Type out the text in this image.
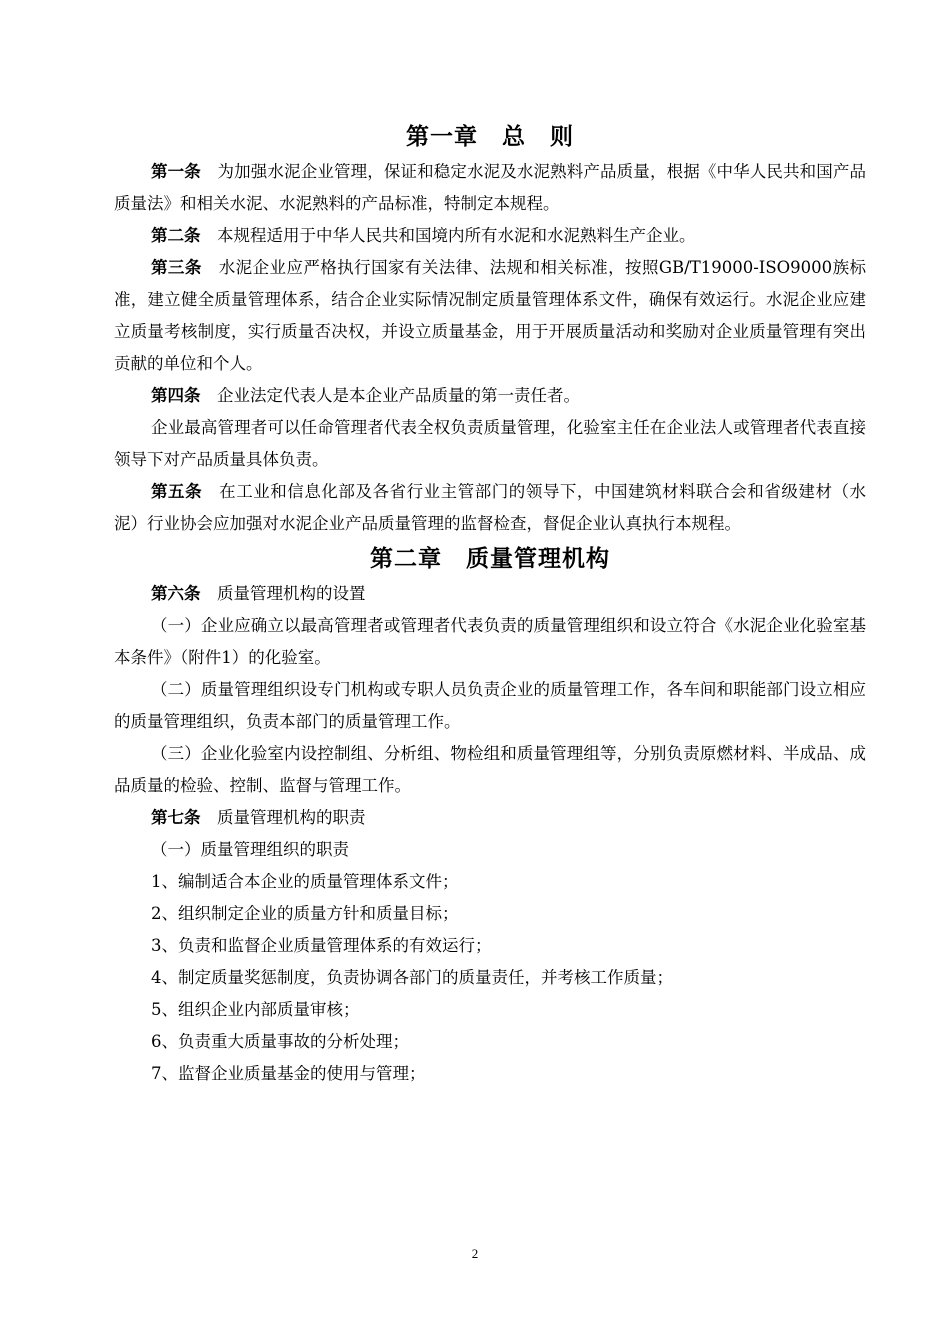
第一章　总　则

第一条　为加强水泥企业管理，保证和稳定水泥及水泥熟料产品质量，根据《中华人民共和国产品质量法》和相关水泥、水泥熟料的产品标准，特制定本规程。

第二条　本规程适用于中华人民共和国境内所有水泥和水泥熟料生产企业。

第三条　水泥企业应严格执行国家有关法律、法规和相关标准，按照GB/T19000-ISO9000族标准，建立健全质量管理体系，结合企业实际情况制定质量管理体系文件，确保有效运行。水泥企业应建立质量考核制度，实行质量否决权，并设立质量基金，用于开展质量活动和奖励对企业质量管理有突出贡献的单位和个人。

第四条　企业法定代表人是本企业产品质量的第一责任者。

企业最高管理者可以任命管理者代表全权负责质量管理，化验室主任在企业法人或管理者代表直接领导下对产品质量具体负责。

第五条　在工业和信息化部及各省行业主管部门的领导下，中国建筑材料联合会和省级建材（水泥）行业协会应加强对水泥企业产品质量管理的监督检查，督促企业认真执行本规程。

第二章　质量管理机构

第六条　质量管理机构的设置

（一）企业应确立以最高管理者或管理者代表负责的质量管理组织和设立符合《水泥企业化验室基本条件》（附件1）的化验室。

（二）质量管理组织设专门机构或专职人员负责企业的质量管理工作，各车间和职能部门设立相应的质量管理组织，负责本部门的质量管理工作。

（三）企业化验室内设控制组、分析组、物检组和质量管理组等，分别负责原燃材料、半成品、成品质量的检验、控制、监督与管理工作。

第七条　质量管理机构的职责

（一）质量管理组织的职责

1、编制适合本企业的质量管理体系文件；

2、组织制定企业的质量方针和质量目标；

3、负责和监督企业质量管理体系的有效运行；

4、制定质量奖惩制度，负责协调各部门的质量责任，并考核工作质量；

5、组织企业内部质量审核；

6、负责重大质量事故的分析处理；

7、监督企业质量基金的使用与管理；

2
